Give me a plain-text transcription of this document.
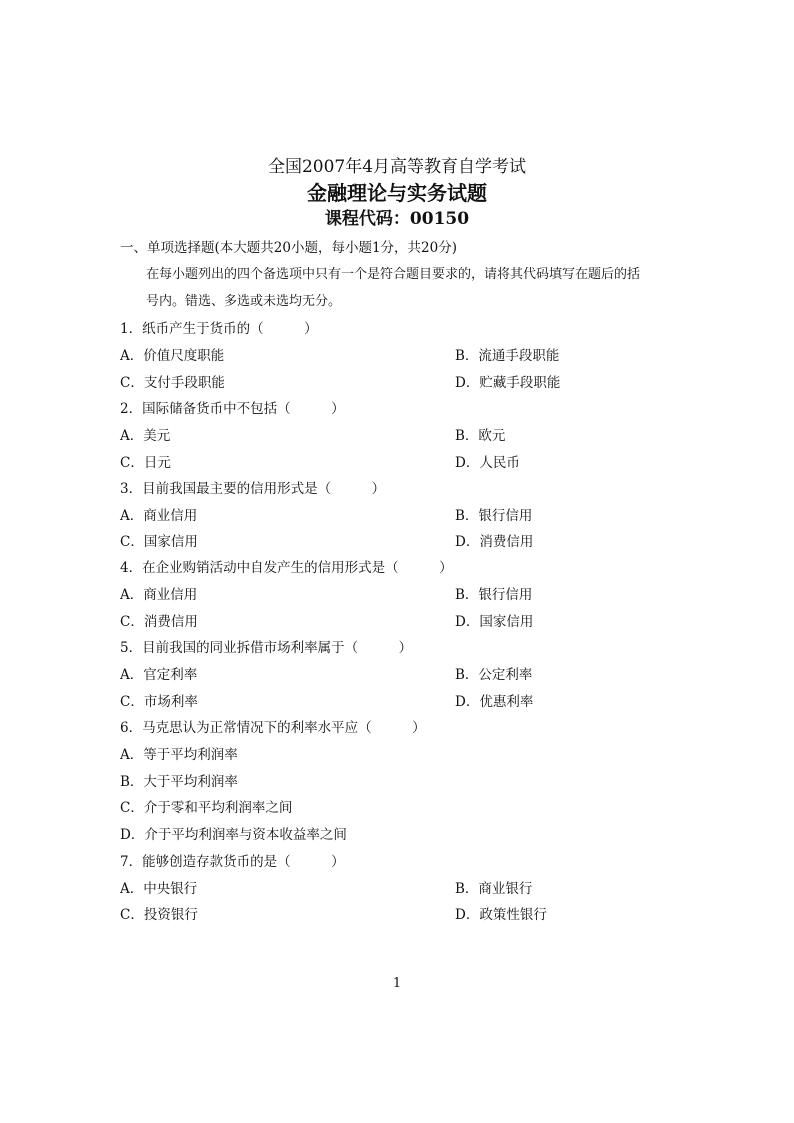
全国2007年4月高等教育自学考试
金融理论与实务试题
课程代码：00150
一、单项选择题(本大题共20小题，每小题1分，共20分)
在每小题列出的四个备选项中只有一个是符合题目要求的，请将其代码填写在题后的括
号内。错选、多选或未选均无分。
1．纸币产生于货币的（　　　）
A．价值尺度职能	B．流通手段职能
C．支付手段职能	D．贮藏手段职能
2．国际储备货币中不包括（　　　）
A．美元	B．欧元
C．日元	D．人民币
3．目前我国最主要的信用形式是（　　　）
A．商业信用	B．银行信用
C．国家信用	D．消费信用
4．在企业购销活动中自发产生的信用形式是（　　　）
A．商业信用	B．银行信用
C．消费信用	D．国家信用
5．目前我国的同业拆借市场利率属于（　　　）
A．官定利率	B．公定利率
C．市场利率	D．优惠利率
6．马克思认为正常情况下的利率水平应（　　　）
A．等于平均利润率
B．大于平均利润率
C．介于零和平均利润率之间
D．介于平均利润率与资本收益率之间
7．能够创造存款货币的是（　　　）
A．中央银行	B．商业银行
C．投资银行	D．政策性银行
1
